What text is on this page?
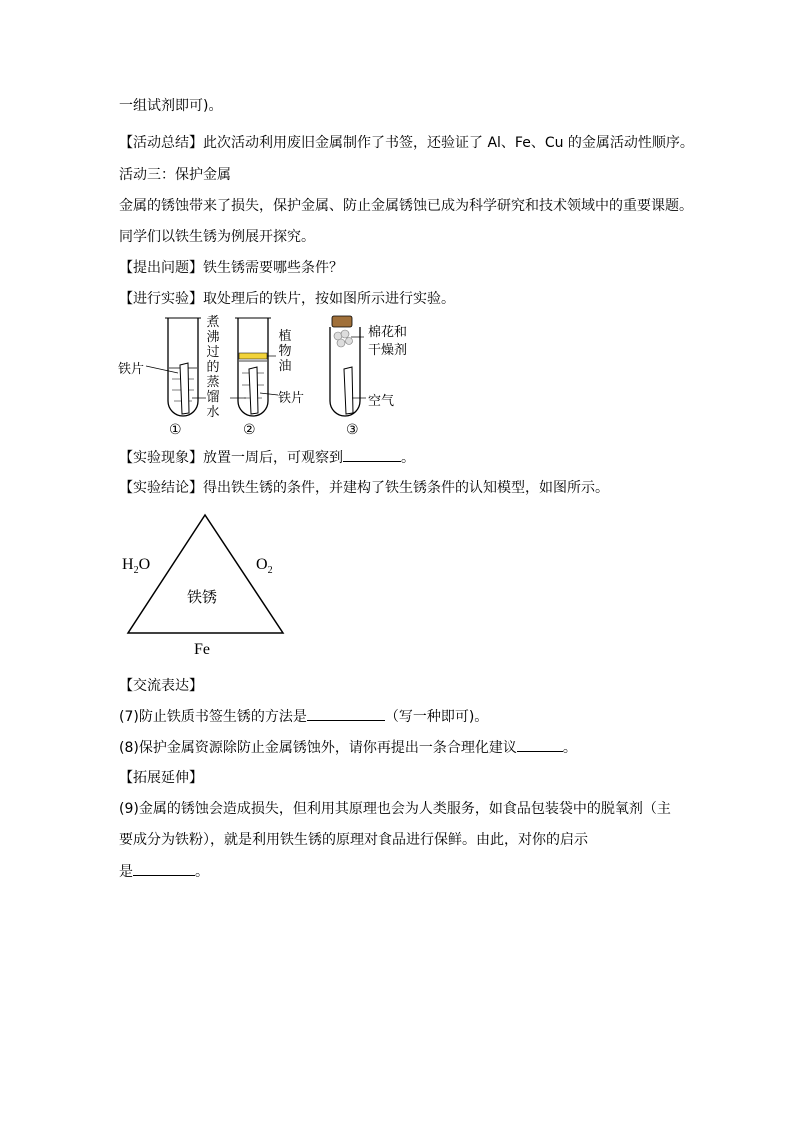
一组试剂即可)。
【活动总结】此次活动利用废旧金属制作了书签，还验证了 Al、Fe、Cu 的金属活动性顺序。
活动三：保护金属
金属的锈蚀带来了损失，保护金属、防止金属锈蚀已成为科学研究和技术领域中的重要课题。
同学们以铁生锈为例展开探究。
【提出问题】铁生锈需要哪些条件？
【进行实验】取处理后的铁片，按如图所示进行实验。
铁片
煮
沸
过
的
蒸
馏
水
植
物
油
铁片
棉花和
干燥剂
空气
①	②	③
【实验现象】放置一周后，可观察到	。
【实验结论】得出铁生锈的条件，并建构了铁生锈条件的认知模型，如图所示。
$H_2O$	$O_2$
铁锈
Fe
【交流表达】
(7)防止铁质书签生锈的方法是	（写一种即可)。
(8)保护金属资源除防止金属锈蚀外，请你再提出一条合理化建议	。
【拓展延伸】
(9)金属的锈蚀会造成损失，但利用其原理也会为人类服务，如食品包装袋中的脱氧剂（主
要成分为铁粉），就是利用铁生锈的原理对食品进行保鲜。由此，对你的启示
是	。
